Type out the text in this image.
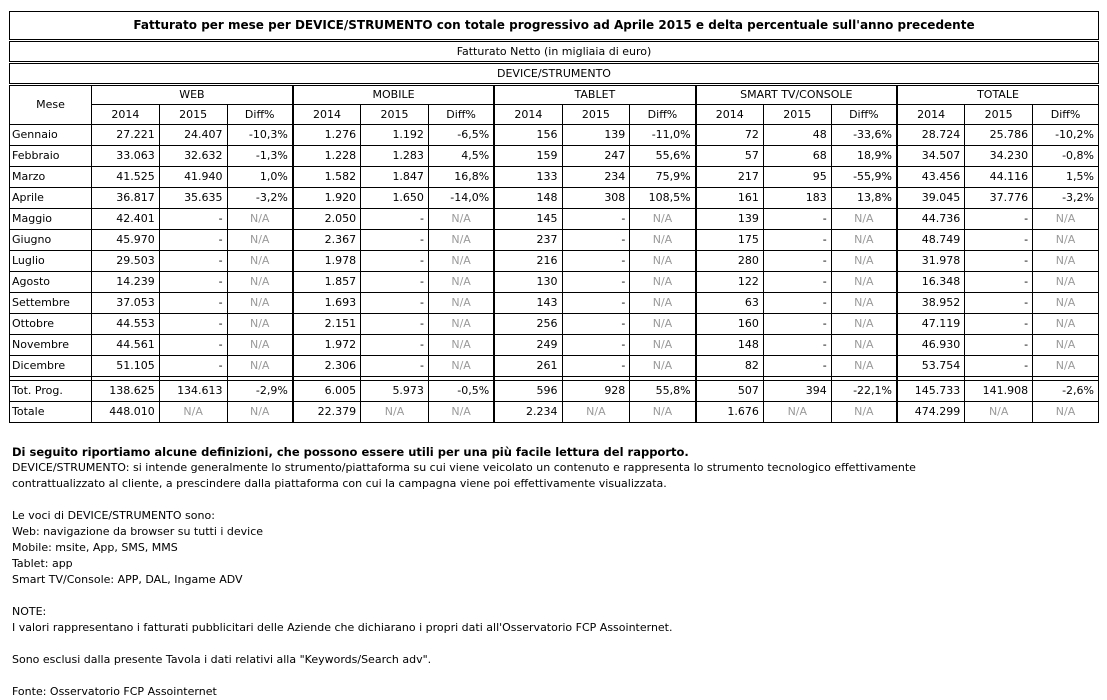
Fatturato per mese per DEVICE/STRUMENTO con totale progressivo ad Aprile 2015 e delta percentuale sull'anno precedente
Fatturato Netto (in migliaia di euro)
DEVICE/STRUMENTO
Mese	WEB			MOBILE			TABLET			SMART TV/CONSOLE			TOTALE		
	2014	2015	Diff%	2014	2015	Diff%	2014	2015	Diff%	2014	2015	Diff%	2014	2015	Diff%
Gennaio	27.221	24.407	-10,3%	1.276	1.192	-6,5%	156	139	-11,0%	72	48	-33,6%	28.724	25.786	-10,2%
Febbraio	33.063	32.632	-1,3%	1.228	1.283	4,5%	159	247	55,6%	57	68	18,9%	34.507	34.230	-0,8%
Marzo	41.525	41.940	1,0%	1.582	1.847	16,8%	133	234	75,9%	217	95	-55,9%	43.456	44.116	1,5%
Aprile	36.817	35.635	-3,2%	1.920	1.650	-14,0%	148	308	108,5%	161	183	13,8%	39.045	37.776	-3,2%
Maggio	42.401	-	N/A	2.050	-	N/A	145	-	N/A	139	-	N/A	44.736	-	N/A
Giugno	45.970	-	N/A	2.367	-	N/A	237	-	N/A	175	-	N/A	48.749	-	N/A
Luglio	29.503	-	N/A	1.978	-	N/A	216	-	N/A	280	-	N/A	31.978	-	N/A
Agosto	14.239	-	N/A	1.857	-	N/A	130	-	N/A	122	-	N/A	16.348	-	N/A
Settembre	37.053	-	N/A	1.693	-	N/A	143	-	N/A	63	-	N/A	38.952	-	N/A
Ottobre	44.553	-	N/A	2.151	-	N/A	256	-	N/A	160	-	N/A	47.119	-	N/A
Novembre	44.561	-	N/A	1.972	-	N/A	249	-	N/A	148	-	N/A	46.930	-	N/A
Dicembre	51.105	-	N/A	2.306	-	N/A	261	-	N/A	82	-	N/A	53.754	-	N/A

Tot. Prog.	138.625	134.613	-2,9%	6.005	5.973	-0,5%	596	928	55,8%	507	394	-22,1%	145.733	141.908	-2,6%
Totale	448.010	N/A	N/A	22.379	N/A	N/A	2.234	N/A	N/A	1.676	N/A	N/A	474.299	N/A	N/A

Di seguito riportiamo alcune definizioni, che possono essere utili per una più facile lettura del rapporto.

DEVICE/STRUMENTO: si intende generalmente lo strumento/piattaforma su cui viene veicolato un contenuto e rappresenta lo strumento tecnologico effettivamente

contrattualizzato al cliente, a prescindere dalla piattaforma con cui la campagna viene poi effettivamente visualizzata.

Le voci di DEVICE/STRUMENTO sono:

Web: navigazione da browser su tutti i device

Mobile: msite, App, SMS, MMS

Tablet: app

Smart TV/Console: APP, DAL, Ingame ADV

NOTE:

I valori rappresentano i fatturati pubblicitari delle Aziende che dichiarano i propri dati all'Osservatorio FCP Assointernet.

Sono esclusi dalla presente Tavola i dati relativi alla "Keywords/Search adv".

Fonte: Osservatorio FCP Assointernet
